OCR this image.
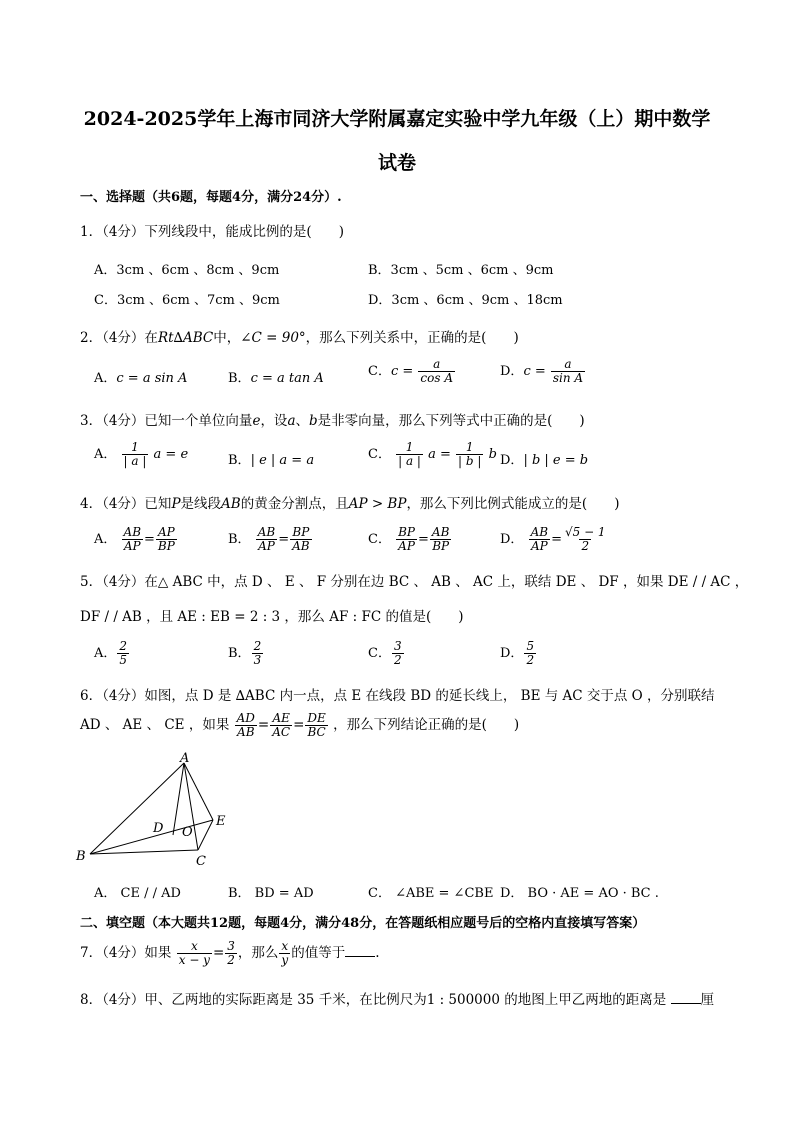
2024-2025学年上海市同济大学附属嘉定实验中学九年级（上）期中数学
试卷
一、选择题（共6题，每题4分，满分24分）.
1．（4分）下列线段中，能成比例的是(　　)
A．3cm 、6cm 、8cm 、9cm	B．3cm 、5cm 、6cm 、9cm
C．3cm 、6cm 、7cm 、9cm	D．3cm 、6cm 、9cm 、18cm
2．（4分）在Rt∆ABC中，∠C = 90°，那么下列关系中，正确的是(　　)
A．c = a sin A	B．c = a tan A	C．$c = \frac{a}{\text{cos A}}$	D．$c = \frac{a}{\text{sin A}}$
3．（4分）已知一个单位向量e，设a、b是非零向量，那么下列等式中正确的是(　　)
A． $\frac{1}{| a |}$ a = e	B．| e | a = a	C． $\frac{1}{| a |}$ $a = \frac{1}{| b |}$ b D．| b | e = b
4．（4分）已知P是线段AB的黄金分割点，且AP > BP，那么下列比例式能成立的是(　　)
A． $\frac{AB}{AP} = \frac{AP}{BP}$	B． $\frac{AB}{AP} = \frac{BP}{AB}$	C． $\frac{BP}{AP} = \frac{AB}{BP}$	D． $\frac{AB}{AP} = \frac{√5 - 1}{2}$
5．（4分）在△ ABC 中，点 D 、 E 、 F 分别在边 BC 、 AB 、 AC 上，联结 DE 、 DF ，如果 DE / / AC ，
DF / / AB ，且 AE : EB = 2 : 3 ，那么 AF : FC 的值是(　　)
A． $\frac{2}{5}$	B． $\frac{2}{3}$	C． $\frac{3}{2}$	D． $\frac{5}{2}$
6．（4分）如图，点 D 是 ∆ABC 内一点，点 E 在线段 BD 的延长线上， BE 与 AC 交于点 O ，分别联结
AD 、 AE 、 CE ，如果 $\frac{AD}{AB} = \frac{AE}{AC} = \frac{DE}{BC}$ ，那么下列结论正确的是(　　)
A
B	C
D	E
O
A． CE / / AD	B． BD = AD	C． ∠ABE = ∠CBE D． BO · AE = AO · BC .
二、填空题（本大题共12题，每题4分，满分48分，在答题纸相应题号后的空格内直接填写答案）
7．（4分）如果 $\frac{x}{x - y} = \frac{3}{2}$ ，那么 $\frac{x}{y}$ 的值等于 .
8．（4分）甲、乙两地的实际距离是 35 千米，在比例尺为1 : 500000 的地图上甲乙两地的距离是	厘
